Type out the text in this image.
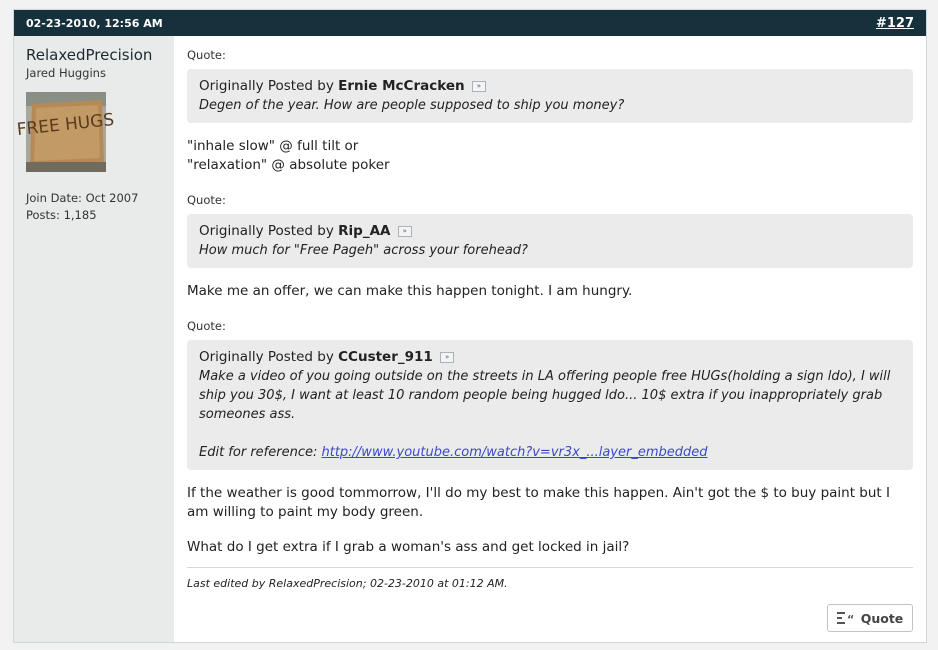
02-23-2010, 12:56 AM	#127
RelaxedPrecision
Jared Huggins
FREE HUGS
Join Date: Oct 2007
Posts: 1,185
Quote:
Originally Posted by Ernie McCracken »
Degen of the year. How are people supposed to ship you money?
"inhale slow" @ full tilt or
"relaxation" @ absolute poker
Quote:
Originally Posted by Rip_AA »
How much for "Free Pageh" across your forehead?
Make me an offer, we can make this happen tonight. I am hungry.
Quote:
Originally Posted by CCuster_911 »
Make a video of you going outside on the streets in LA offering people free HUGs(holding a sign ldo), I will ship you 30$, I want at least 10 random people being hugged ldo... 10$ extra if you inappropriately grab someones ass.
Edit for reference: http://www.youtube.com/watch?v=vr3x_...layer_embedded
If the weather is good tommorrow, I'll do my best to make this happen. Ain't got the $ to buy paint but I am willing to paint my body green.
What do I get extra if I grab a woman's ass and get locked in jail?
Last edited by RelaxedPrecision; 02-23-2010 at 01:12 AM.
“ Quote
